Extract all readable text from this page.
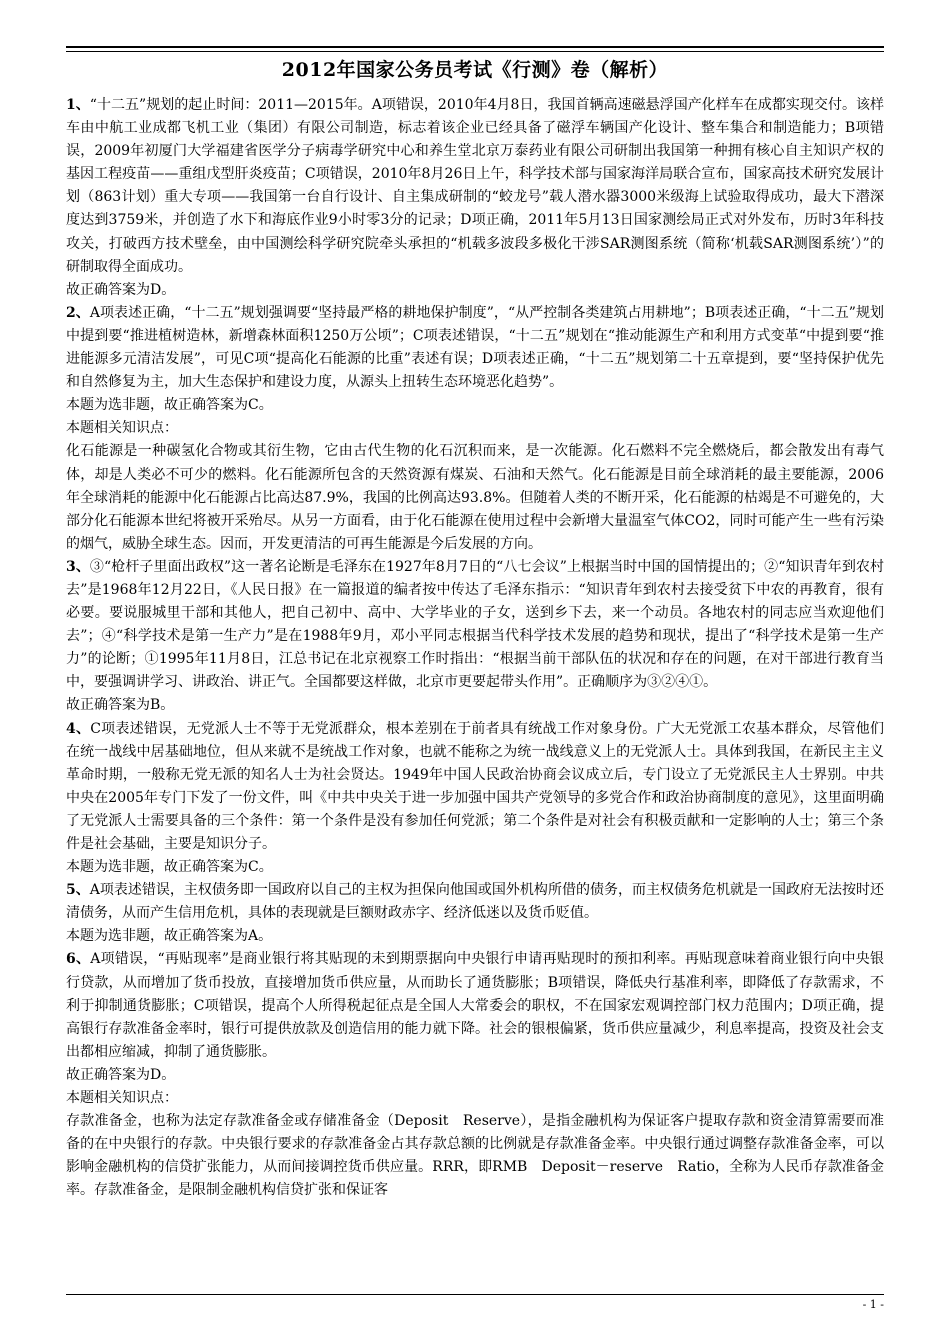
2012年国家公务员考试《行测》卷（解析）

1、“十二五”规划的起止时间：2011—2015年。A项错误，2010年4月8日，我国首辆高速磁悬浮国产化样车在成都实现交付。该样车由中航工业成都飞机工业（集团）有限公司制造，标志着该企业已经具备了磁浮车辆国产化设计、整车集合和制造能力；B项错误，2009年初厦门大学福建省医学分子病毒学研究中心和养生堂北京万泰药业有限公司研制出我国第一种拥有核心自主知识产权的基因工程疫苗——重组戊型肝炎疫苗；C项错误，2010年8月26日上午，科学技术部与国家海洋局联合宣布，国家高技术研究发展计划（863计划）重大专项——我国第一台自行设计、自主集成研制的“蛟龙号”载人潜水器3000米级海上试验取得成功，最大下潜深度达到3759米，并创造了水下和海底作业9小时零3分的记录；D项正确，2011年5月13日国家测绘局正式对外发布，历时3年科技攻关，打破西方技术壁垒，由中国测绘科学研究院牵头承担的“机载多波段多极化干涉SAR测图系统（简称‘机载SAR测图系统’）”的研制取得全面成功。

故正确答案为D。

2、A项表述正确，“十二五”规划强调要“坚持最严格的耕地保护制度”，“从严控制各类建筑占用耕地”；B项表述正确，“十二五”规划中提到要“推进植树造林，新增森林面积1250万公顷”；C项表述错误，“十二五”规划在“推动能源生产和利用方式变革“中提到要“推进能源多元清洁发展”，可见C项“提高化石能源的比重”表述有误；D项表述正确，“十二五”规划第二十五章提到，要“坚持保护优先和自然修复为主，加大生态保护和建设力度，从源头上扭转生态环境恶化趋势”。

本题为选非题，故正确答案为C。

本题相关知识点：

化石能源是一种碳氢化合物或其衍生物，它由古代生物的化石沉积而来，是一次能源。化石燃料不完全燃烧后，都会散发出有毒气体，却是人类必不可少的燃料。化石能源所包含的天然资源有煤炭、石油和天然气。化石能源是目前全球消耗的最主要能源，2006年全球消耗的能源中化石能源占比高达87.9%，我国的比例高达93.8%。但随着人类的不断开采，化石能源的枯竭是不可避免的，大部分化石能源本世纪将被开采殆尽。从另一方面看，由于化石能源在使用过程中会新增大量温室气体CO2，同时可能产生一些有污染的烟气，威胁全球生态。因而，开发更清洁的可再生能源是今后发展的方向。

3、③“枪杆子里面出政权”这一著名论断是毛泽东在1927年8月7日的“八七会议”上根据当时中国的国情提出的；②“知识青年到农村去”是1968年12月22日，《人民日报》在一篇报道的编者按中传达了毛泽东指示：“知识青年到农村去接受贫下中农的再教育，很有必要。要说服城里干部和其他人，把自己初中、高中、大学毕业的子女，送到乡下去，来一个动员。各地农村的同志应当欢迎他们去”；④“科学技术是第一生产力”是在1988年9月，邓小平同志根据当代科学技术发展的趋势和现状，提出了“科学技术是第一生产力”的论断；①1995年11月8日，江总书记在北京视察工作时指出：“根据当前干部队伍的状况和存在的问题，在对干部进行教育当中，要强调讲学习、讲政治、讲正气。全国都要这样做，北京市更要起带头作用”。正确顺序为③②④①。

故正确答案为B。

4、C项表述错误，无党派人士不等于无党派群众，根本差别在于前者具有统战工作对象身份。广大无党派工农基本群众，尽管他们在统一战线中居基础地位，但从来就不是统战工作对象，也就不能称之为统一战线意义上的无党派人士。具体到我国，在新民主主义革命时期，一般称无党无派的知名人士为社会贤达。1949年中国人民政治协商会议成立后，专门设立了无党派民主人士界别。中共中央在2005年专门下发了一份文件，叫《中共中央关于进一步加强中国共产党领导的多党合作和政治协商制度的意见》，这里面明确了无党派人士需要具备的三个条件：第一个条件是没有参加任何党派；第二个条件是对社会有积极贡献和一定影响的人士；第三个条件是社会基础，主要是知识分子。

本题为选非题，故正确答案为C。

5、A项表述错误，主权债务即一国政府以自己的主权为担保向他国或国外机构所借的债务，而主权债务危机就是一国政府无法按时还清债务，从而产生信用危机，具体的表现就是巨额财政赤字、经济低迷以及货币贬值。

本题为选非题，故正确答案为A。

6、A项错误，“再贴现率”是商业银行将其贴现的未到期票据向中央银行申请再贴现时的预扣利率。再贴现意味着商业银行向中央银行贷款，从而增加了货币投放，直接增加货币供应量，从而助长了通货膨胀；B项错误，降低央行基准利率，即降低了存款需求，不利于抑制通货膨胀；C项错误，提高个人所得税起征点是全国人大常委会的职权，不在国家宏观调控部门权力范围内；D项正确，提高银行存款准备金率时，银行可提供放款及创造信用的能力就下降。社会的银根偏紧，货币供应量减少，利息率提高，投资及社会支出都相应缩减，抑制了通货膨胀。

故正确答案为D。

本题相关知识点：

存款准备金，也称为法定存款准备金或存储准备金（Deposit　Reserve），是指金融机构为保证客户提取存款和资金清算需要而准备的在中央银行的存款。中央银行要求的存款准备金占其存款总额的比例就是存款准备金率。中央银行通过调整存款准备金率，可以影响金融机构的信贷扩张能力，从而间接调控货币供应量。RRR，即RMB　Deposit－reserve　Ratio，全称为人民币存款准备金率。存款准备金，是限制金融机构信贷扩张和保证客

- 1 -
